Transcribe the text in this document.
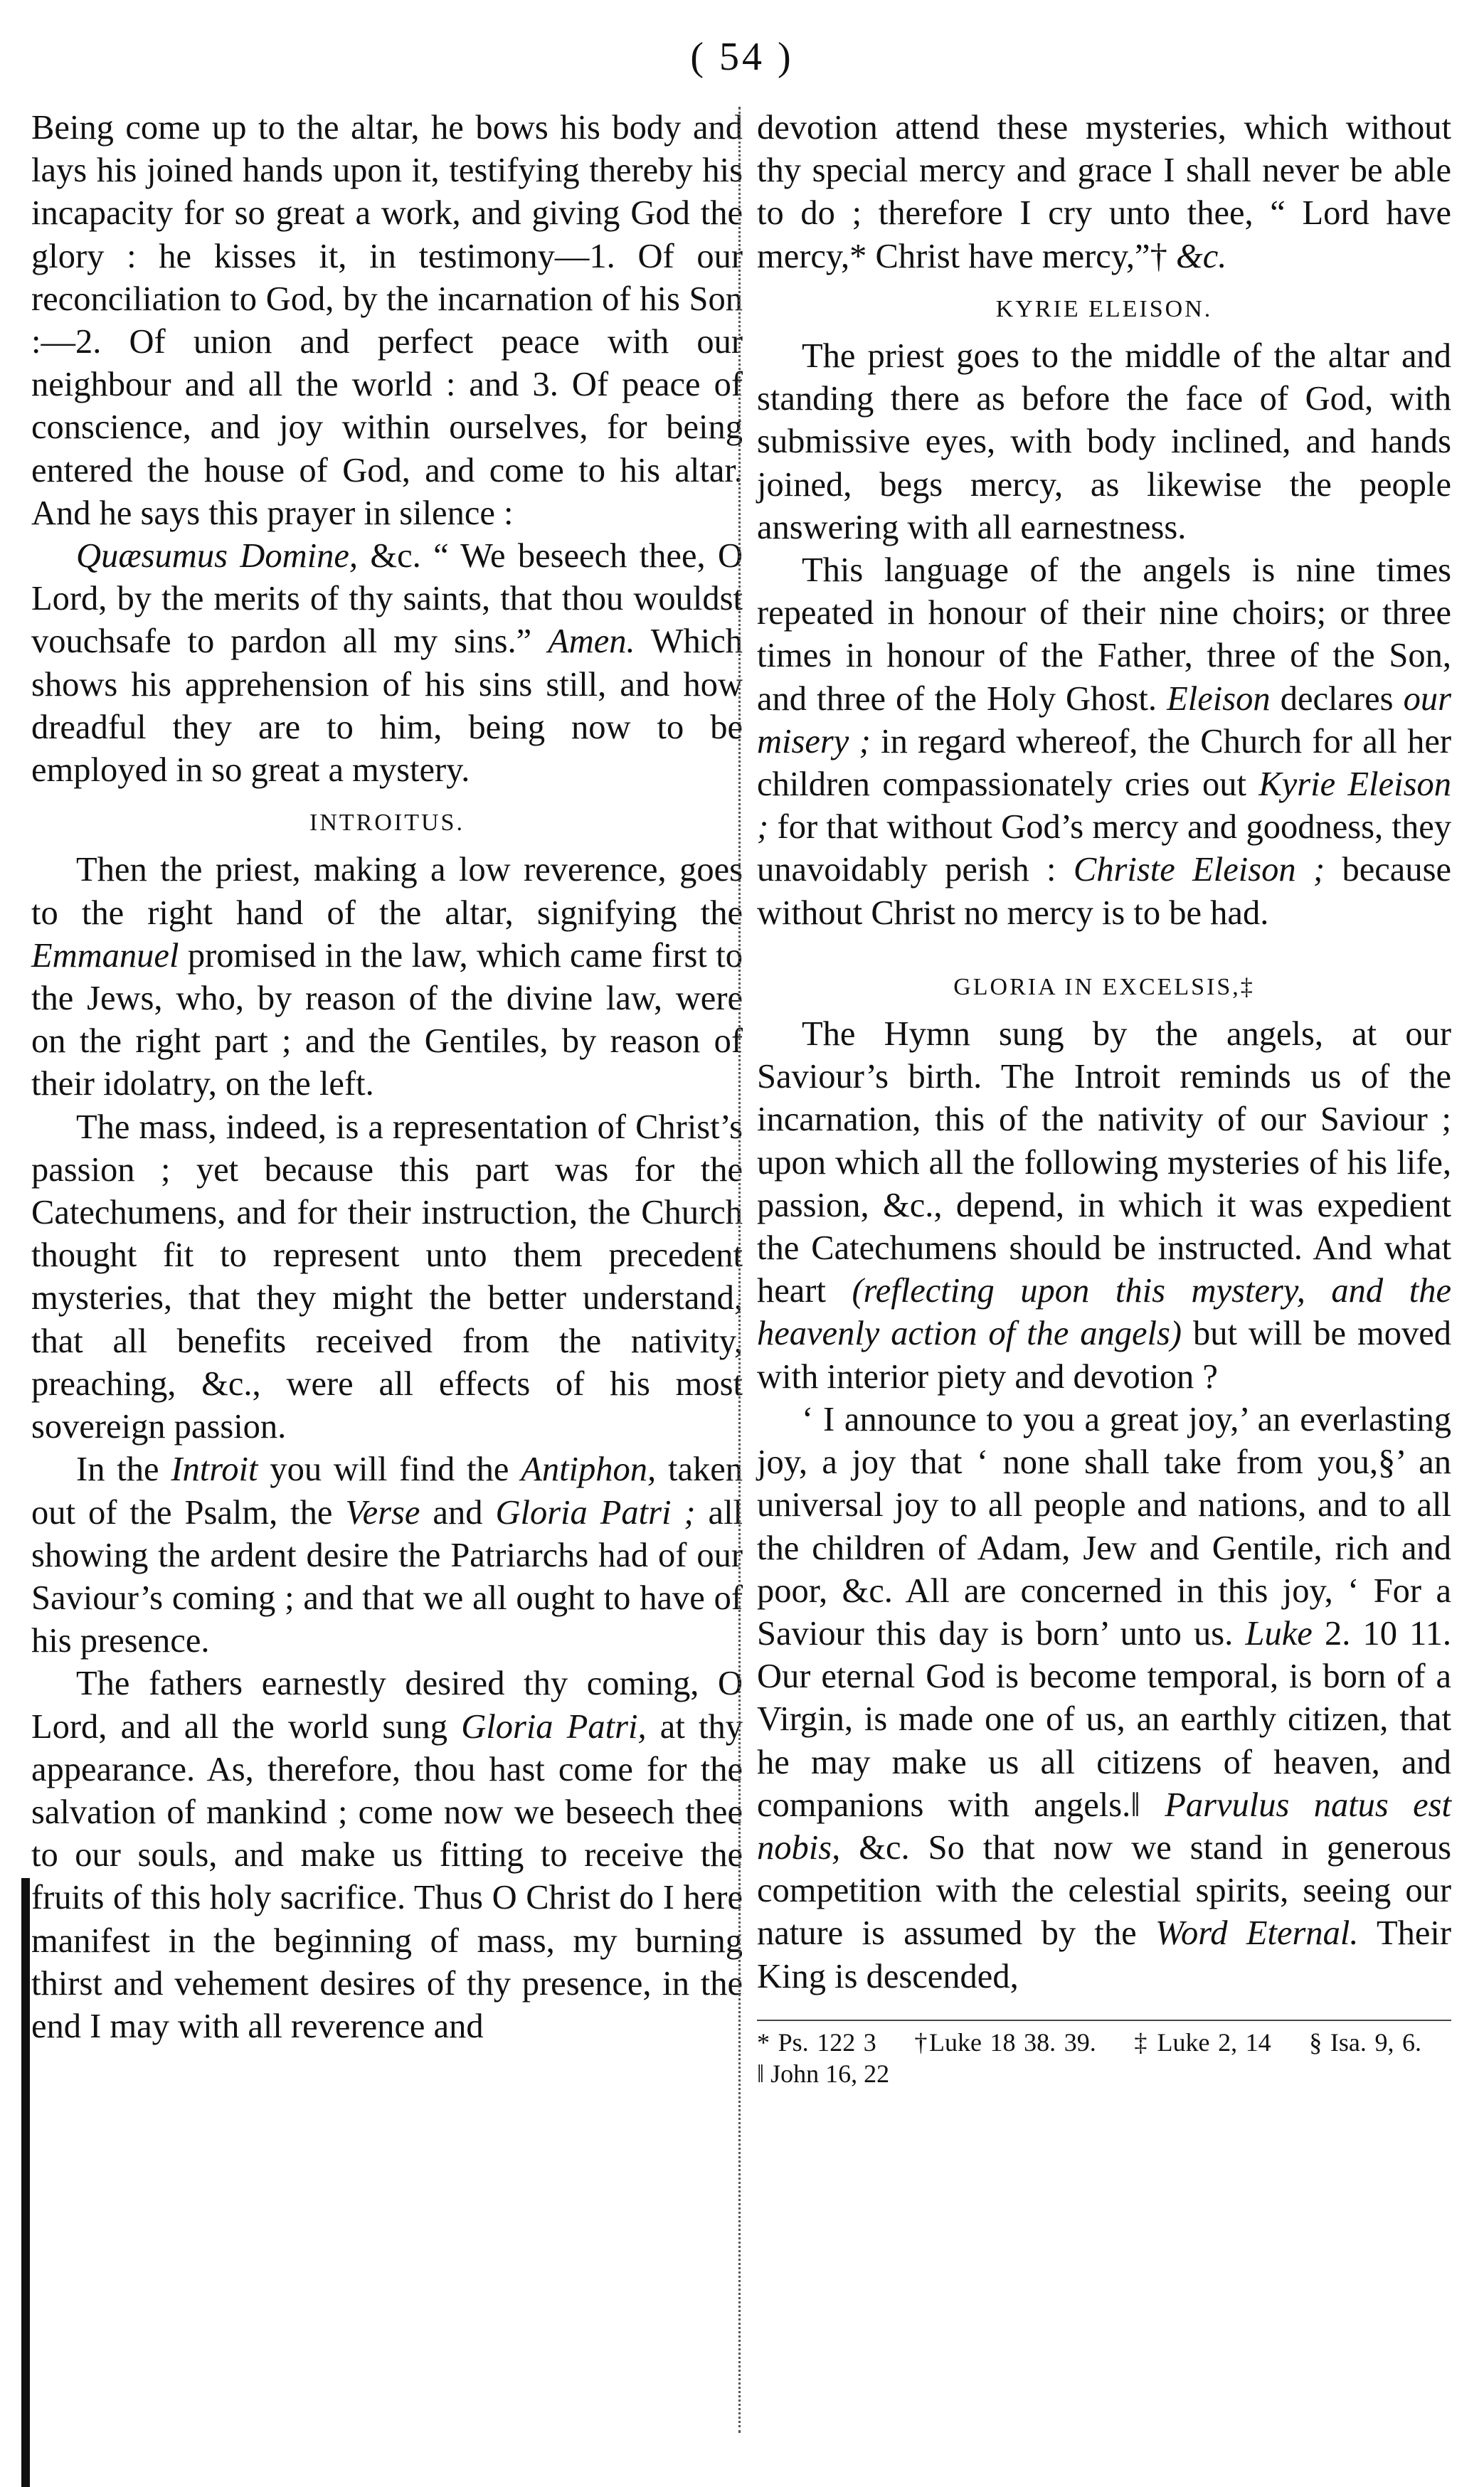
( 54 )

Being come up to the altar, he bows his body and lays his joined hands upon it, testifying thereby his incapacity for so great a work, and giving God the glory : he kisses it, in testimony—1. Of our reconciliation to God, by the incarnation of his Son :—2. Of union and perfect peace with our neighbour and all the world : and 3. Of peace of conscience, and joy within ourselves, for being entered the house of God, and come to his altar. And he says this prayer in silence :

Quæsumus Domine, &c. “ We beseech thee, O Lord, by the merits of thy saints, that thou wouldst vouchsafe to pardon all my sins.” Amen. Which shows his apprehension of his sins still, and how dreadful they are to him, being now to be employed in so great a mystery.

INTROITUS.

Then the priest, making a low reverence, goes to the right hand of the altar, signifying the Emmanuel promised in the law, which came first to the Jews, who, by reason of the divine law, were on the right part ; and the Gentiles, by reason of their idolatry, on the left.

The mass, indeed, is a representation of Christ’s passion ; yet because this part was for the Catechumens, and for their instruction, the Church thought fit to represent unto them precedent mysteries, that they might the better understand, that all benefits received from the nativity, preaching, &c., were all effects of his most sovereign passion.

In the Introit you will find the Antiphon, taken out of the Psalm, the Verse and Gloria Patri ; all showing the ardent desire the Patriarchs had of our Saviour’s coming ; and that we all ought to have of his presence.

The fathers earnestly desired thy coming, O Lord, and all the world sung Gloria Patri, at thy appearance. As, therefore, thou hast come for the salvation of mankind ; come now we beseech thee to our souls, and make us fitting to receive the fruits of this holy sacrifice. Thus O Christ do I here manifest in the beginning of mass, my burning thirst and vehement desires of thy presence, in the end I may with all reverence and

devotion attend these mysteries, which without thy special mercy and grace I shall never be able to do ; therefore I cry unto thee, “ Lord have mercy,* Christ have mercy,”† &c.

KYRIE ELEISON.

The priest goes to the middle of the altar and standing there as before the face of God, with submissive eyes, with body inclined, and hands joined, begs mercy, as likewise the people answering with all earnestness.

This language of the angels is nine times repeated in honour of their nine choirs; or three times in honour of the Father, three of the Son, and three of the Holy Ghost. Eleison declares our misery ; in regard whereof, the Church for all her children compassionately cries out Kyrie Eleison ; for that without God’s mercy and goodness, they unavoidably perish : Christe Eleison ; because without Christ no mercy is to be had.

GLORIA IN EXCELSIS,‡

The Hymn sung by the angels, at our Saviour’s birth. The Introit reminds us of the incarnation, this of the nativity of our Saviour ; upon which all the following mysteries of his life, passion, &c., depend, in which it was expedient the Catechumens should be instructed. And what heart (reflecting upon this mystery, and the heavenly action of the angels) but will be moved with interior piety and devotion ?

‘ I announce to you a great joy,’ an everlasting joy, a joy that ‘ none shall take from you,§’ an universal joy to all people and nations, and to all the children of Adam, Jew and Gentile, rich and poor, &c. All are concerned in this joy, ‘ For a Saviour this day is born’ unto us. Luke 2. 10 11. Our eternal God is become temporal, is born of a Virgin, is made one of us, an earthly citizen, that he may make us all citizens of heaven, and companions with angels.‖ Parvulus natus est nobis, &c. So that now we stand in generous competition with the celestial spirits, seeing our nature is assumed by the Word Eternal. Their King is descended,

* Ps. 122 3 †Luke 18 38. 39. ‡ Luke 2, 14 § Isa. 9, 6. ‖ John 16, 22
